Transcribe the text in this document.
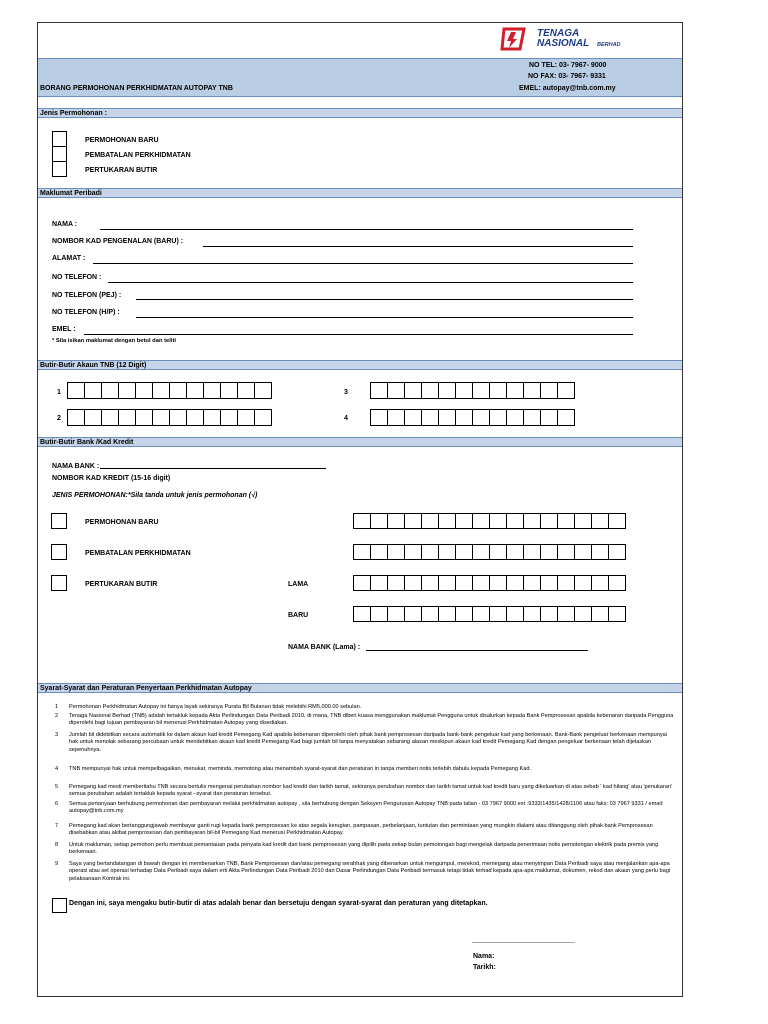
TENAGA
NASIONAL BERHAD
NO TEL: 03- 7967- 9000
NO FAX: 03- 7967- 9331
EMEL: autopay@tnb.com.my
BORANG PERMOHONAN PERKHIDMATAN AUTOPAY TNB
Jenis Permohonan :
PERMOHONAN BARU
PEMBATALAN PERKHIDMATAN
PERTUKARAN BUTIR
Maklumat Peribadi
NAMA :
NOMBOR KAD PENGENALAN (BARU) :
ALAMAT :
NO TELEFON :
NO TELEFON (PEJ) :
NO TELEFON (H/P) :
EMEL :
* Sila isikan maklumat dengan betul dan teliti
Butir-Butir Akaun TNB (12 Digit)
1
2
3
4
Butir-Butir Bank /Kad Kredit
NAMA BANK :
NOMBOR KAD KREDIT (15-16 digit)
JENIS PERMOHONAN:*Sila tanda untuk jenis permohonan (√)
PERMOHONAN BARU
PEMBATALAN PERKHIDMATAN
PERTUKARAN BUTIR	LAMA
BARU
NAMA BANK (Lama) :
Syarat-Syarat dan Peraturan Penyertaan Perkhidmatan Autopay
1 Permohonan Perkhidmatan Autopay ini hanya layak sekiranya Purata Bil Bulanan tidak melebihi RM5,000.00 sebulan.
2 Tenaga Nasional Berhad (TNB) adalah tertakluk kepada Akta Perlindungan Data Peribadi 2010, di mana, TNB diberi kuasa menggunakan maklumat Pengguna untuk disalurkan kepada Bank Pemprosesan apabila kebenaran daripada Pengguna diperolehi bagi tujuan pembayaran bil menerusi Perkhidmatan Autopay yang disediakan.
3 Jumlah bil didebitkan secara automatik ke dalam akaun kad kredit Pemegang Kad apabila kebenaran diperolehi oleh pihak bank pemprosesan daripada bank-bank pengeluar kad yang berkenaan. Bank-Bank pengeluar berkenaan mempunyai hak untuk menolak sebarang percubaan untuk mendebitkan akaun kad kredit Pemegang Kad bagi jumlah bil tanpa menyatakan sebarang alasan meskipun akaun kad kredit Pemegang Kad dengan pengeluar berkenaan telah dijelaskan sepenuhnya.
4 TNB mempunyai hak untuk mempelbagaikan, menukar, meminda, memotong atau menambah syarat-syarat dan peraturan in tanpa memberi notis terlebih dahulu kepada Pemegang Kad.
5 Pemegang kad mesti memberitahu TNB secara bertulis mengenai perubahan nombor kad kredit dan tarikh tamat, sekiranya perubahan nombor dan tarikh tamat untuk kad kredit baru yang dikeluarkan di atas sebab ' kad hilang' atau 'penukaran' semua perubahan adalah tertakluk kepada syarat –syarat dan peraturan tersebut.
6 Semua pertanyaan berhubung permohonan dan pembayaran melalui perkhidmatan autopay , sila berhubung dengan Seksyen Pengurusan Autopay TNB pada talian - 03 7967 9000 ext :9333/1435/1428/1106 atau faks: 03 7967 9331 / email: autopay@tnb.com.my
7 Pemegang kad akan bertanggungjawab membayar ganti rugi kepada bank pemprosesan ke atas segala kerugian, pampasan, perbelanjaan, tuntutan dan permintaan yang mungkin dialami atau ditanggung oleh pihak bank Pemprosesan disebabkan atau akibat pemprosesan dan pembayaran bil-bil Pemegang Kad menerusi Perkhidmatan Autopay.
8 Untuk makluman, setiap pemohon perlu membuat pemantauan pada penyata kad kredit dari bank pemprosesan yang dipilih pada setiap bulan pemotongan bagi mengelak daripada penerimaan notis pemotongan elektrik pada premis yang berkenaan.
9 Saya yang bertandatangan di bawah dengan ini membenarkan TNB, Bank Pemprosesan dan/atau pemegang serahhak yang dibenarkan untuk mengumpul, merekod, memegang atau menyimpan Data Peribadi saya atau menjalankan apa-apa operasi atau set operasi terhadap Data Peribadi saya dalam erti Akta Perlindungan Data Peribadi 2010 dan Dasar Perlindungan Data Peribadi termasuk tetapi tidak terhad kepada apa-apa maklumat, dokumen, rekod dan akaun yang perlu bagi pelaksanaan Kontrak ini.
Dengan ini, saya mengaku butir-butir di atas adalah benar dan bersetuju dengan syarat-syarat dan peraturan yang ditetapkan.
-------------------------------------------------------------------
Nama:
Tarikh:
